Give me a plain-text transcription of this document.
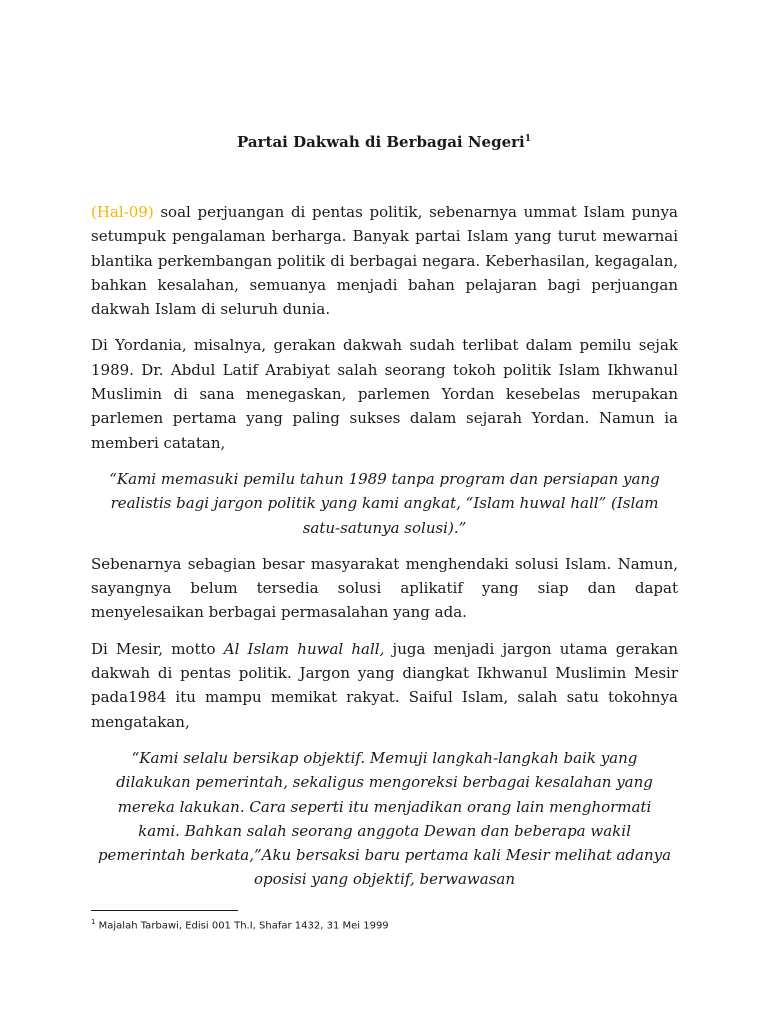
Partai Dakwah di Berbagai Negeri$^1$

(Hal-09) soal perjuangan di pentas politik, sebenarnya ummat Islam punya setumpuk pengalaman berharga. Banyak partai Islam yang turut mewarnai blantika perkembangan politik di berbagai negara. Keberhasilan, kegagalan, bahkan kesalahan, semuanya menjadi bahan pelajaran bagi perjuangan dakwah Islam di seluruh dunia.

Di Yordania, misalnya, gerakan dakwah sudah terlibat dalam pemilu sejak 1989. Dr. Abdul Latif Arabiyat salah seorang tokoh politik Islam Ikhwanul Muslimin di sana menegaskan, parlemen Yordan kesebelas merupakan parlemen pertama yang paling sukses dalam sejarah Yordan. Namun ia memberi catatan,

“Kami memasuki pemilu tahun 1989 tanpa program dan persiapan yang realistis bagi jargon politik yang kami angkat, “Islam huwal hall” (Islam satu-satunya solusi).”

Sebenarnya sebagian besar masyarakat menghendaki solusi Islam. Namun, sayangnya belum tersedia solusi aplikatif yang siap dan dapat menyelesaikan berbagai permasalahan yang ada.

Di Mesir, motto Al Islam huwal hall, juga menjadi jargon utama gerakan dakwah di pentas politik. Jargon yang diangkat Ikhwanul Muslimin Mesir pada1984 itu mampu memikat rakyat. Saiful Islam, salah satu tokohnya mengatakan,

“Kami selalu bersikap objektif. Memuji langkah-langkah baik yang dilakukan pemerintah, sekaligus mengoreksi berbagai kesalahan yang mereka lakukan. Cara seperti itu menjadikan orang lain menghormati kami. Bahkan salah seorang anggota Dewan dan beberapa wakil pemerintah berkata,”Aku bersaksi baru pertama kali Mesir melihat adanya oposisi yang objektif, berwawasan

$^1$ Majalah Tarbawi, Edisi 001 Th.I, Shafar 1432, 31 Mei 1999
